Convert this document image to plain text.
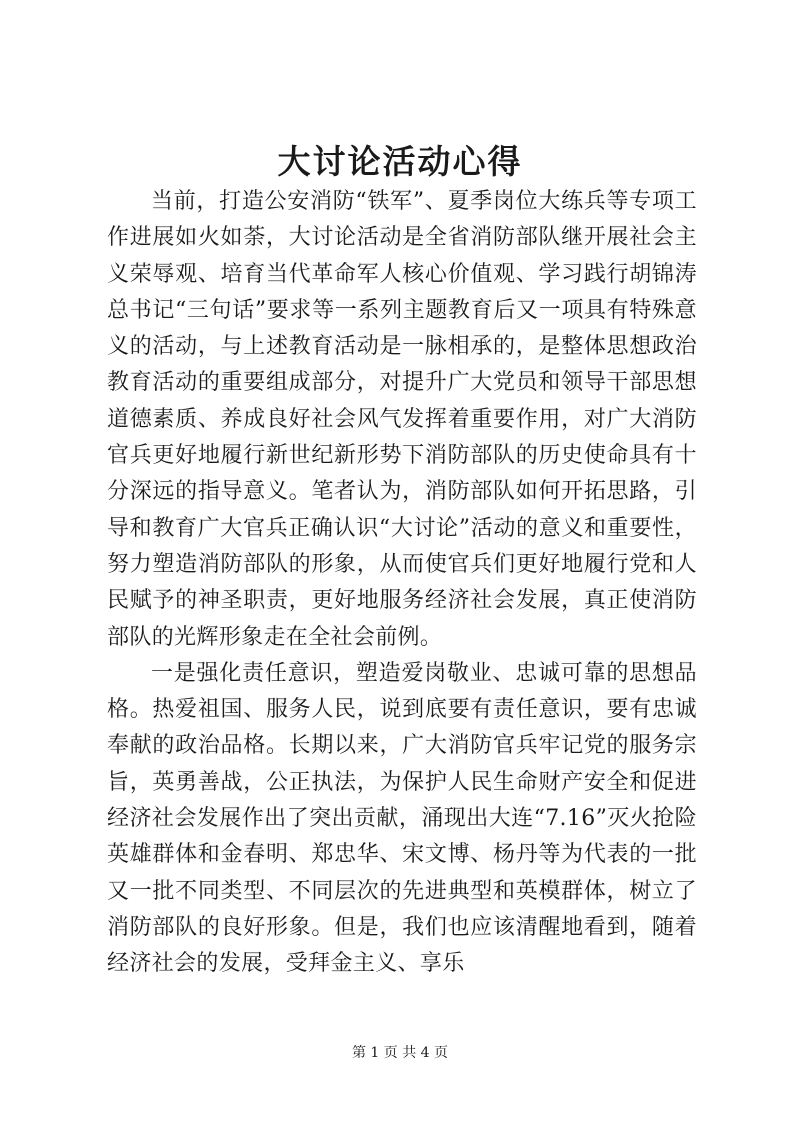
大讨论活动心得

当前，打造公安消防“铁军”、夏季岗位大练兵等专项工作进展如火如荼，大讨论活动是全省消防部队继开展社会主义荣辱观、培育当代革命军人核心价值观、学习践行胡锦涛总书记“三句话”要求等一系列主题教育后又一项具有特殊意义的活动，与上述教育活动是一脉相承的，是整体思想政治教育活动的重要组成部分，对提升广大党员和领导干部思想道德素质、养成良好社会风气发挥着重要作用，对广大消防官兵更好地履行新世纪新形势下消防部队的历史使命具有十分深远的指导意义。笔者认为，消防部队如何开拓思路，引导和教育广大官兵正确认识“大讨论”活动的意义和重要性，努力塑造消防部队的形象，从而使官兵们更好地履行党和人民赋予的神圣职责，更好地服务经济社会发展，真正使消防部队的光辉形象走在全社会前例。

一是强化责任意识，塑造爱岗敬业、忠诚可靠的思想品格。热爱祖国、服务人民，说到底要有责任意识，要有忠诚奉献的政治品格。长期以来，广大消防官兵牢记党的服务宗旨，英勇善战，公正执法，为保护人民生命财产安全和促进经济社会发展作出了突出贡献，涌现出大连“7.16”灭火抢险英雄群体和金春明、郑忠华、宋文博、杨丹等为代表的一批又一批不同类型、不同层次的先进典型和英模群体，树立了消防部队的良好形象。但是，我们也应该清醒地看到，随着经济社会的发展，受拜金主义、享乐

第 1 页 共 4 页
